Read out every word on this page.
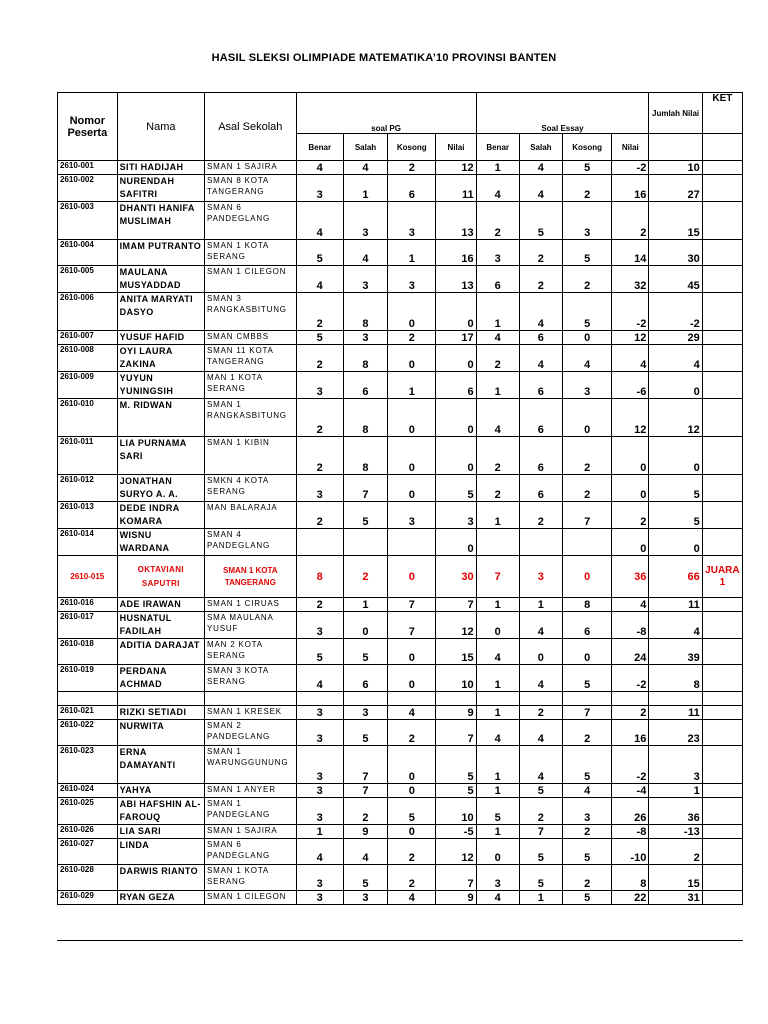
HASIL SLEKSI OLIMPIADE MATEMATIKA’10 PROVINSI BANTEN
Nomor Peserta	Nama	Asal Sekolah	soal PG				Soal Essay				Jumlah Nilai	KET
			Benar	Salah	Kosong	Nilai	Benar	Salah	Kosong	Nilai		
2610-001	SITI HADIJAH	SMAN 1 SAJIRA	4	4	2	12	1	4	5	-2	10	
2610-002	NURENDAH SAFITRI	SMAN 8 KOTA TANGERANG	3	1	6	11	4	4	2	16	27	
2610-003	DHANTI HANIFA MUSLIMAH	SMAN 6 PANDEGLANG	4	3	3	13	2	5	3	2	15	
2610-004	IMAM PUTRANTO	SMAN 1 KOTA SERANG	5	4	1	16	3	2	5	14	30	
2610-005	MAULANA MUSYADDAD	SMAN 1 CILEGON	4	3	3	13	6	2	2	32	45	
2610-006	ANITA MARYATI DASYO	SMAN 3 RANGKASBITUNG	2	8	0	0	1	4	5	-2	-2	
2610-007	YUSUF HAFID	SMAN CMBBS	5	3	2	17	4	6	0	12	29	
2610-008	OYI LAURA ZAKINA	SMAN 11 KOTA TANGERANG	2	8	0	0	2	4	4	4	4	
2610-009	YUYUN YUNINGSIH	MAN 1 KOTA SERANG	3	6	1	6	1	6	3	-6	0	
2610-010	M. RIDWAN	SMAN 1 RANGKASBITUNG	2	8	0	0	4	6	0	12	12	
2610-011	LIA PURNAMA SARI	SMAN 1 KIBIN	2	8	0	0	2	6	2	0	0	
2610-012	JONATHAN SURYO A. A.	SMKN 4 KOTA SERANG	3	7	0	5	2	6	2	0	5	
2610-013	DEDE INDRA KOMARA	MAN BALARAJA	2	5	3	3	1	2	7	2	5	
2610-014	WISNU WARDANA	SMAN 4 PANDEGLANG				0				0	0	
2610-015	OKTAVIANI SAPUTRI	SMAN 1 KOTA TANGERANG	8	2	0	30	7	3	0	36	66	JUARA 1
2610-016	ADE IRAWAN	SMAN 1 CIRUAS	2	1	7	7	1	1	8	4	11	
2610-017	HUSNATUL FADILAH	SMA MAULANA YUSUF	3	0	7	12	0	4	6	-8	4	
2610-018	ADITIA DARAJAT	MAN 2 KOTA SERANG	5	5	0	15	4	0	0	24	39	
2610-019	PERDANA ACHMAD	SMAN 3 KOTA SERANG	4	6	0	10	1	4	5	-2	8	

2610-021	RIZKI SETIADI	SMAN 1 KRESEK	3	3	4	9	1	2	7	2	11	
2610-022	NURWITA	SMAN 2 PANDEGLANG	3	5	2	7	4	4	2	16	23	
2610-023	ERNA DAMAYANTI	SMAN 1 WARUNGGUNUNG	3	7	0	5	1	4	5	-2	3	
2610-024	YAHYA	SMAN 1 ANYER	3	7	0	5	1	5	4	-4	1	
2610-025	ABI HAFSHIN AL-FAROUQ	SMAN 1 PANDEGLANG	3	2	5	10	5	2	3	26	36	
2610-026	LIA SARI	SMAN 1 SAJIRA	1	9	0	-5	1	7	2	-8	-13	
2610-027	LINDA	SMAN 6 PANDEGLANG	4	4	2	12	0	5	5	-10	2	
2610-028	DARWIS RIANTO	SMAN 1 KOTA SERANG	3	5	2	7	3	5	2	8	15	
2610-029	RYAN GEZA	SMAN 1 CILEGON	3	3	4	9	4	1	5	22	31	
